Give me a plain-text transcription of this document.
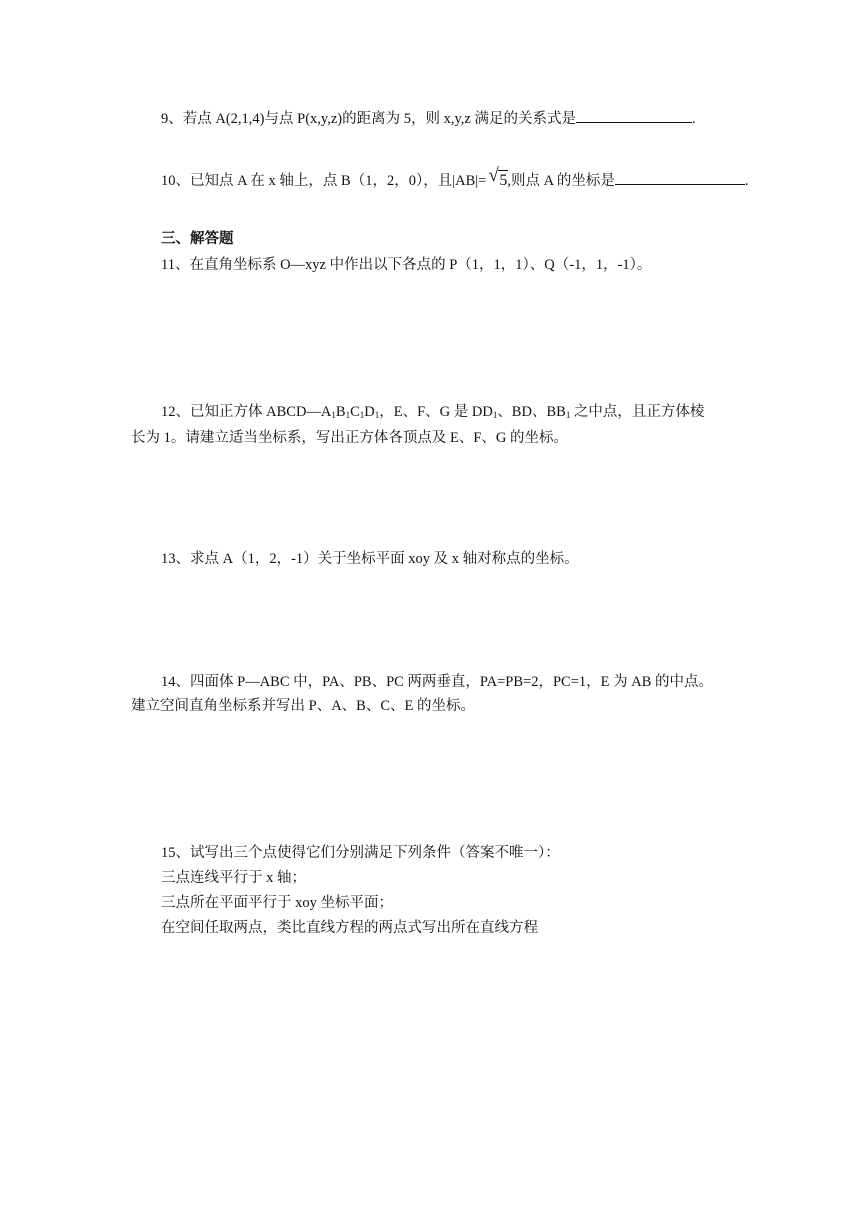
9、若点 A(2,1,4)与点 P(x,y,z)的距离为 5，则 x,y,z 满足的关系式是	.
10、已知点 A 在 x 轴上，点 B（1，2，0），且|AB|= √ 5,则点 A 的坐标是	.
三、解答题
11、在直角坐标系 O—xyz 中作出以下各点的 P（1，1，1）、Q（-1，1，-1）。
12、已知正方体 $ABCD—A_1B_1C_1D_1$，E、F、G 是 $DD_1$、BD、$BB_1$ 之中点，且正方体棱
长为 1。请建立适当坐标系，写出正方体各顶点及 E、F、G 的坐标。
13、求点 A（1，2，-1）关于坐标平面 xoy 及 x 轴对称点的坐标。
14、四面体 P—ABC 中，PA、PB、PC 两两垂直，PA=PB=2，PC=1，E 为 AB 的中点。
建立空间直角坐标系并写出 P、A、B、C、E 的坐标。
15、试写出三个点使得它们分别满足下列条件（答案不唯一）：
三点连线平行于 x 轴；
三点所在平面平行于 xoy 坐标平面；
在空间任取两点，类比直线方程的两点式写出所在直线方程
